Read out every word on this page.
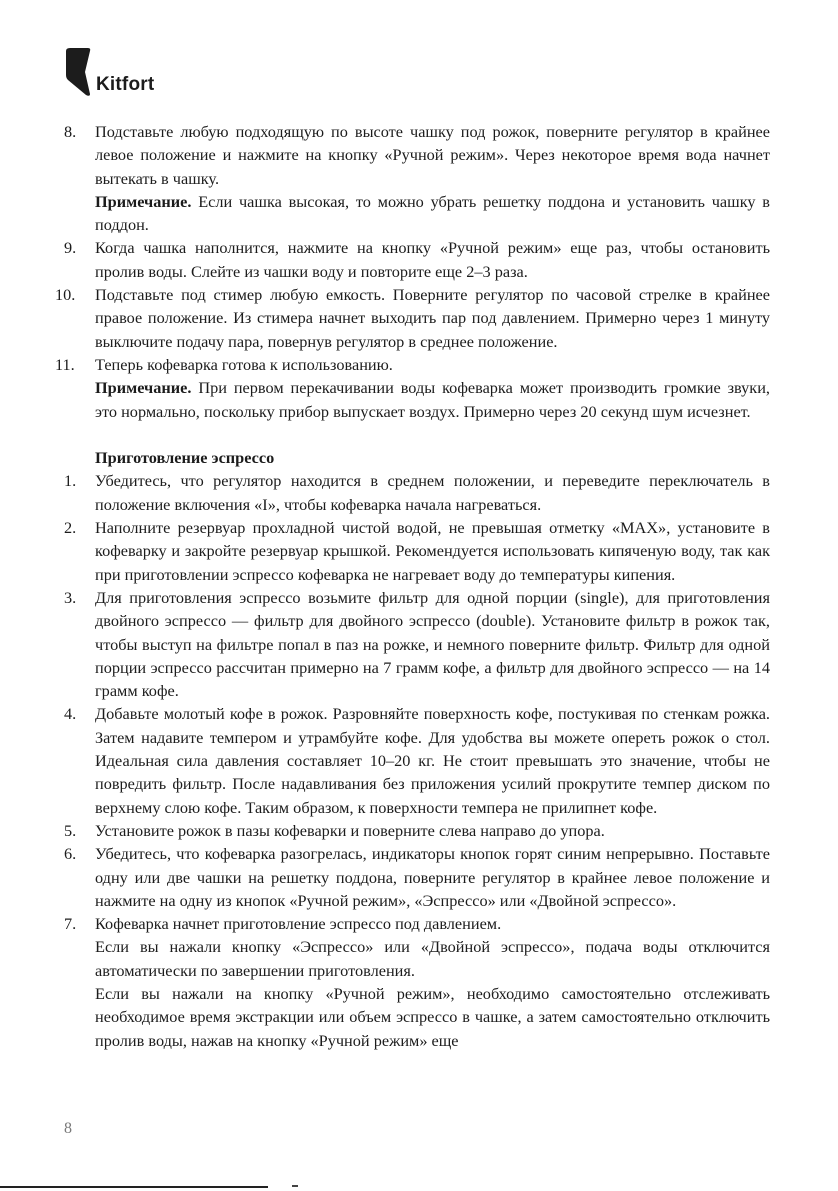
Kitfort
8. Подставьте любую подходящую по высоте чашку под рожок, поверните регулятор в крайнее левое положение и нажмите на кнопку «Ручной режим». Через некоторое время вода начнет вытекать в чашку.
Примечание. Если чашка высокая, то можно убрать решетку поддона и установить чашку в поддон.
9. Когда чашка наполнится, нажмите на кнопку «Ручной режим» еще раз, чтобы остановить пролив воды. Слейте из чашки воду и повторите еще 2–3 раза.
10. Подставьте под стимер любую емкость. Поверните регулятор по часовой стрелке в крайнее правое положение. Из стимера начнет выходить пар под давлением. Примерно через 1 минуту выключите подачу пара, повернув регулятор в среднее положение.
11. Теперь кофеварка готова к использованию.
Примечание. При первом перекачивании воды кофеварка может производить громкие звуки, это нормально, поскольку прибор выпускает воздух. Примерно через 20 секунд шум исчезнет.
Приготовление эспрессо
1. Убедитесь, что регулятор находится в среднем положении, и переведите переключатель в положение включения «I», чтобы кофеварка начала нагреваться.
2. Наполните резервуар прохладной чистой водой, не превышая отметку «MAX», установите в кофеварку и закройте резервуар крышкой. Рекомендуется использовать кипяченую воду, так как при приготовлении эспрессо кофеварка не нагревает воду до температуры кипения.
3. Для приготовления эспрессо возьмите фильтр для одной порции (single), для приготовления двойного эспрессо — фильтр для двойного эспрессо (double). Установите фильтр в рожок так, чтобы выступ на фильтре попал в паз на рожке, и немного поверните фильтр. Фильтр для одной порции эспрессо рассчитан примерно на 7 грамм кофе, а фильтр для двойного эспрессо — на 14 грамм кофе.
4. Добавьте молотый кофе в рожок. Разровняйте поверхность кофе, постукивая по стенкам рожка. Затем надавите темпером и утрамбуйте кофе. Для удобства вы можете опереть рожок о стол. Идеальная сила давления составляет 10–20 кг. Не стоит превышать это значение, чтобы не повредить фильтр. После надавливания без приложения усилий прокрутите темпер диском по верхнему слою кофе. Таким образом, к поверхности темпера не прилипнет кофе.
5. Установите рожок в пазы кофеварки и поверните слева направо до упора.
6. Убедитесь, что кофеварка разогрелась, индикаторы кнопок горят синим непрерывно. Поставьте одну или две чашки на решетку поддона, поверните регулятор в крайнее левое положение и нажмите на одну из кнопок «Ручной режим», «Эспрессо» или «Двойной эспрессо».
7. Кофеварка начнет приготовление эспрессо под давлением.
Если вы нажали кнопку «Эспрессо» или «Двойной эспрессо», подача воды отключится автоматически по завершении приготовления.
Если вы нажали на кнопку «Ручной режим», необходимо самостоятельно отслеживать необходимое время экстракции или объем эспрессо в чашке, а затем самостоятельно отключить пролив воды, нажав на кнопку «Ручной режим» еще
8
